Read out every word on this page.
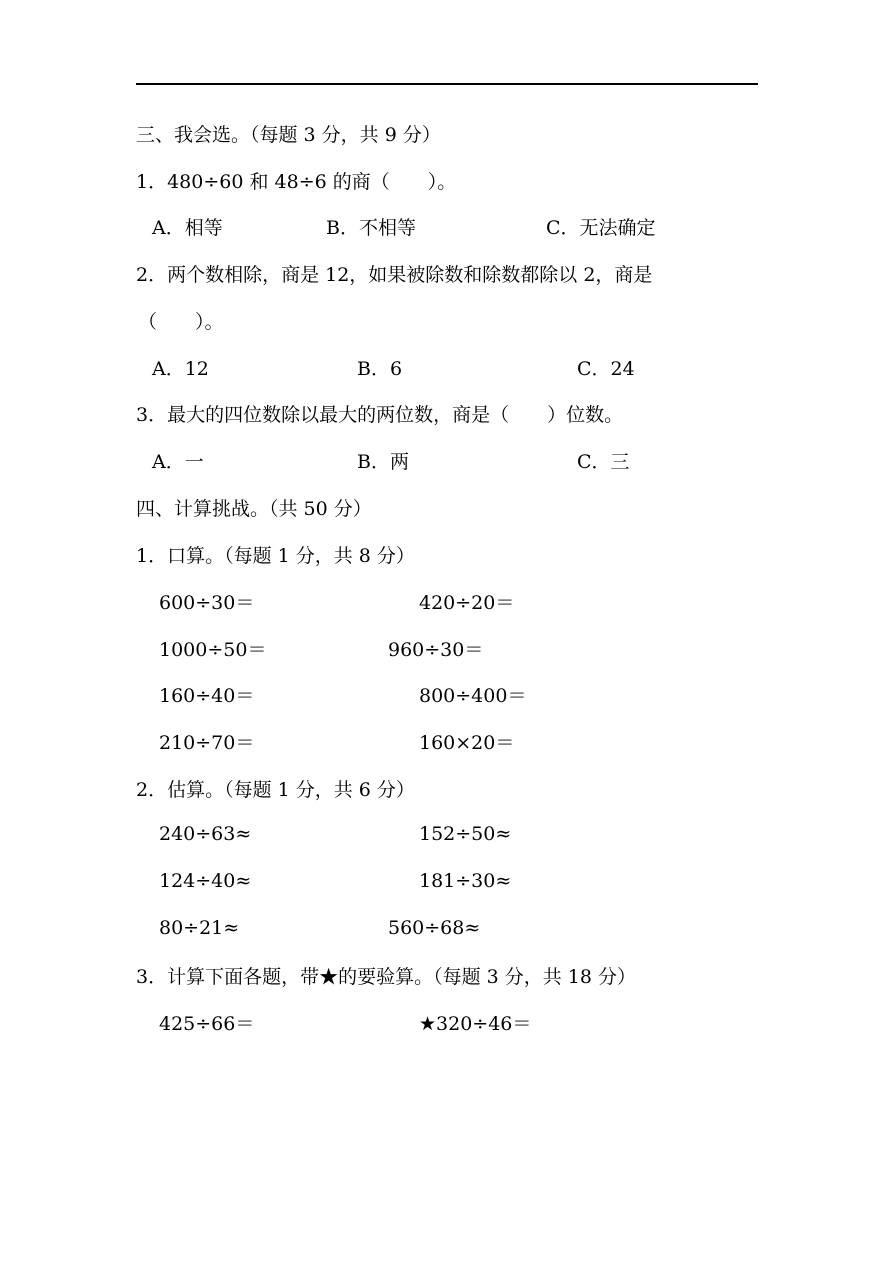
三、我会选。（每题 3 分，共 9 分）
1．480÷60 和 48÷6 的商（　　）。
A．相等	B．不相等	C．无法确定
2．两个数相除，商是 12，如果被除数和除数都除以 2，商是
（　　）。
A．12	B．6	C．24
3．最大的四位数除以最大的两位数，商是（　　）位数。
A．一	B．两	C．三
四、计算挑战。（共 50 分）
1．口算。（每题 1 分，共 8 分）
600÷30＝	420÷20＝
1000÷50＝	960÷30＝
160÷40＝	800÷400＝
210÷70＝	160×20＝
2．估算。（每题 1 分，共 6 分）
240÷63≈	152÷50≈
124÷40≈	181÷30≈
80÷21≈	560÷68≈
3．计算下面各题，带★的要验算。（每题 3 分，共 18 分）
425÷66＝	★320÷46＝
